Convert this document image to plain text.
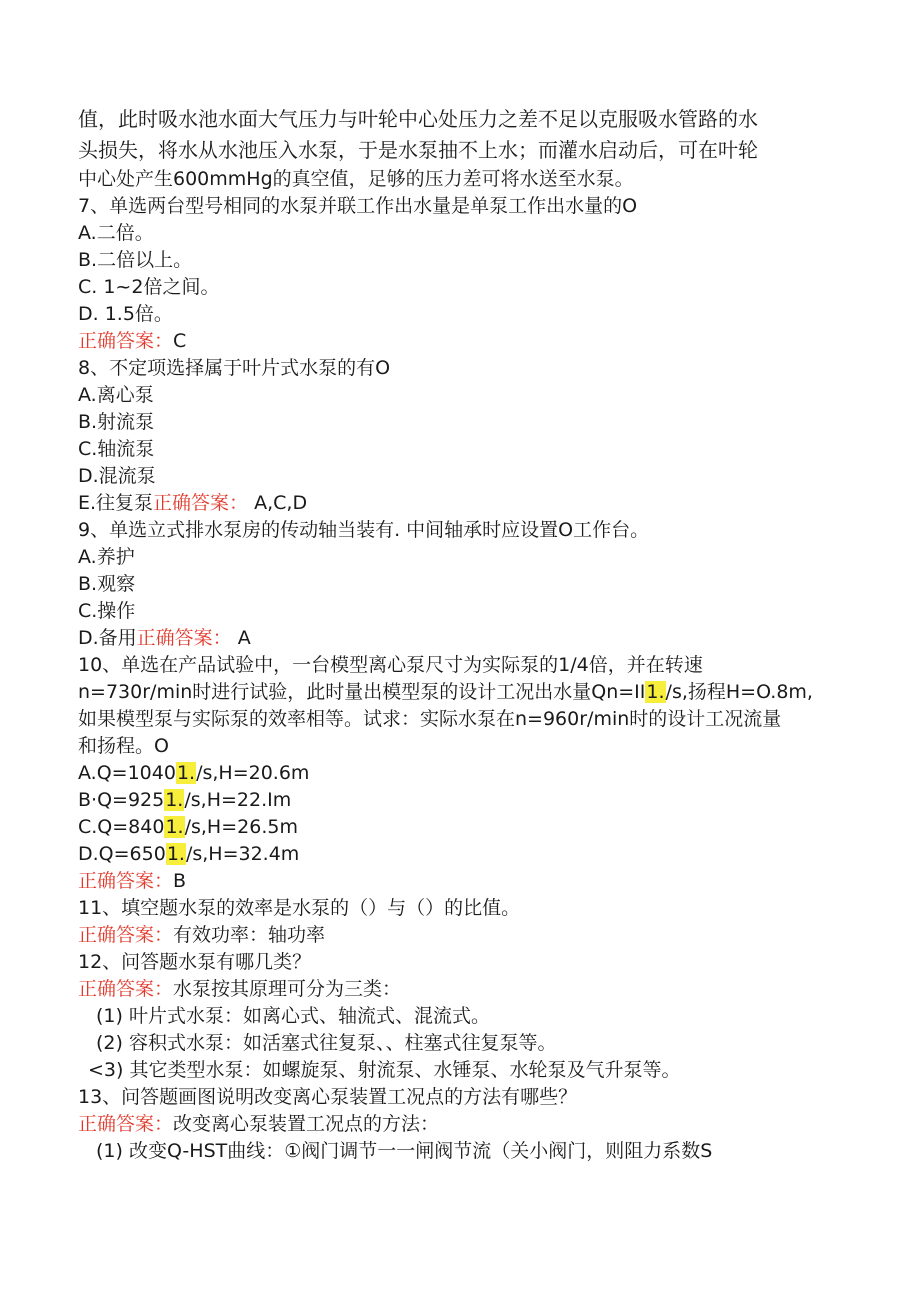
值，此时吸水池水面大气压力与叶轮中心处压力之差不足以克服吸水管路的水
头损失，将水从水池压入水泵，于是水泵抽不上水；而灌水启动后，可在叶轮
中心处产生600mmHg的真空值，足够的压力差可将水送至水泵。
7、单选两台型号相同的水泵并联工作出水量是单泵工作出水量的O
A.二倍。
B.二倍以上。
C. 1~2倍之间。
D. 1.5倍。
正确答案：C
8、不定项选择属于叶片式水泵的有O
A.离心泵
B.射流泵
C.轴流泵
D.混流泵
E.往复泵正确答案： A,C,D
9、单选立式排水泵房的传动轴当装有. 中间轴承时应设置O工作台。
A.养护
B.观察
C.操作
D.备用正确答案： A
10、单选在产品试验中，一台模型离心泵尺寸为实际泵的1/4倍，并在转速
n=730r/min时进行试验，此时量出模型泵的设计工况出水量Qn=II1./s,扬程H=O.8m,
如果模型泵与实际泵的效率相等。试求：实际水泵在n=960r/min时的设计工况流量
和扬程。O
A.Q=10401./s,H=20.6m
B·Q=9251./s,H=22.Im
C.Q=8401./s,H=26.5m
D.Q=6501./s,H=32.4m
正确答案：B
11、填空题水泵的效率是水泵的（）与（）的比值。
正确答案：有效功率：轴功率
12、问答题水泵有哪几类？
正确答案：水泵按其原理可分为三类：
(1) 叶片式水泵：如离心式、轴流式、混流式。
(2) 容积式水泵：如活塞式往复泵、、柱塞式往复泵等。
<3) 其它类型水泵：如螺旋泵、射流泵、水锤泵、水轮泵及气升泵等。
13、问答题画图说明改变离心泵装置工况点的方法有哪些？
正确答案：改变离心泵装置工况点的方法：
(1) 改变Q-HST曲线：①阀门调节一一闸阀节流（关小阀门，则阻力系数S
